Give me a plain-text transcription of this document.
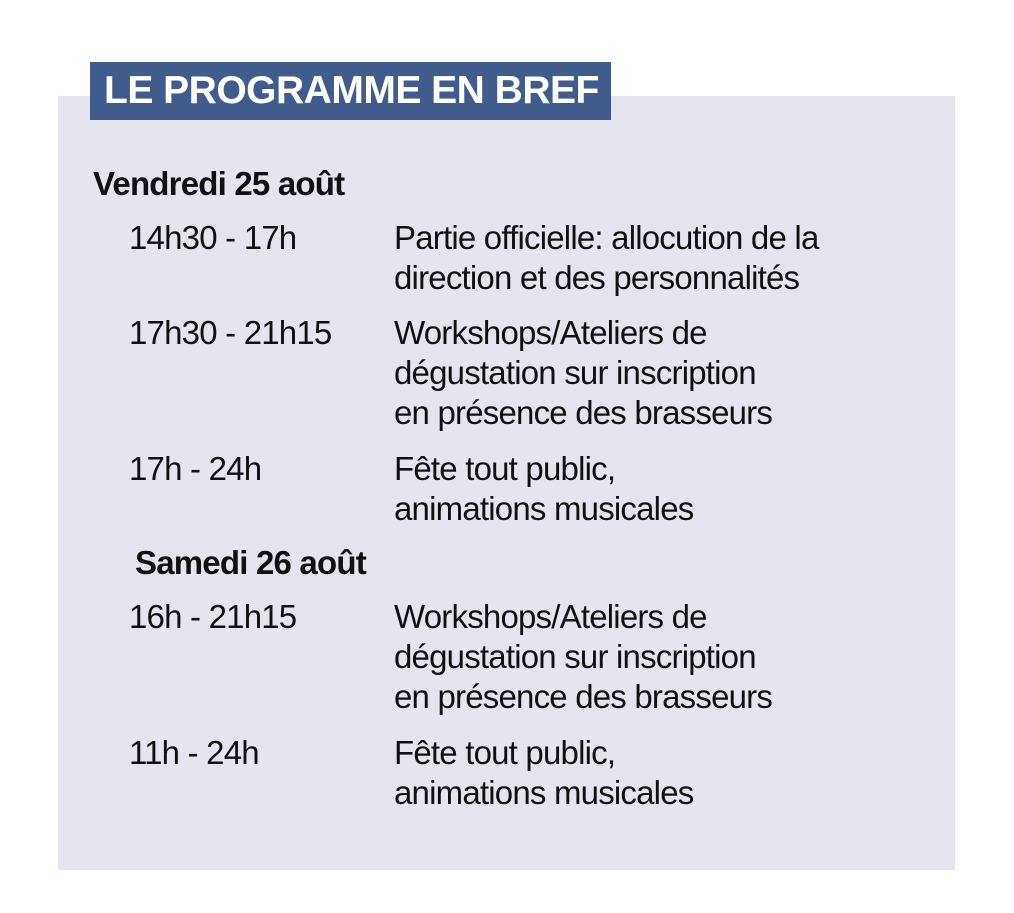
LE PROGRAMME EN BREF
Vendredi 25 août
14h30 - 17h	Partie officielle: allocution de la
direction et des personnalités
17h30 - 21h15 Workshops/Ateliers de
dégustation sur inscription
en présence des brasseurs
17h - 24h	Fête tout public,
animations musicales
Samedi 26 août
16h - 21h15	Workshops/Ateliers de
dégustation sur inscription
en présence des brasseurs
11h - 24h	Fête tout public,
animations musicales
